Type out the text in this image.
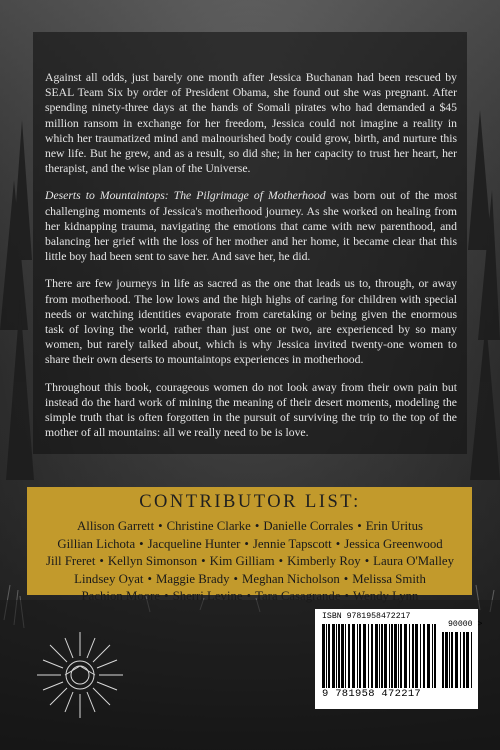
Against all odds, just barely one month after Jessica Buchanan had been rescued by SEAL Team Six by order of President Obama, she found out she was pregnant. After spending ninety-three days at the hands of Somali pirates who had demanded a $45 million ransom in exchange for her freedom, Jessica could not imagine a reality in which her traumatized mind and malnourished body could grow, birth, and nurture this new life. But he grew, and as a result, so did she; in her capacity to trust her heart, her therapist, and the wise plan of the Universe.

Deserts to Mountaintops: The Pilgrimage of Motherhood was born out of the most challenging moments of Jessica's motherhood journey. As she worked on healing from her kidnapping trauma, navigating the emotions that came with new parenthood, and balancing her grief with the loss of her mother and her home, it became clear that this little boy had been sent to save her. And save her, he did.

There are few journeys in life as sacred as the one that leads us to, through, or away from motherhood. The low lows and the high highs of caring for children with special needs or watching identities evaporate from caretaking or being given the enormous task of loving the world, rather than just one or two, are experienced by so many women, but rarely talked about, which is why Jessica invited twenty-one women to share their own deserts to mountaintops experiences in motherhood.

Throughout this book, courageous women do not look away from their own pain but instead do the hard work of mining the meaning of their desert moments, modeling the simple truth that is often forgotten in the pursuit of surviving the trip to the top of the mother of all mountains: all we really need to be is love.

CONTRIBUTOR LIST:
Allison Garrett • Christine Clarke • Danielle Corrales • Erin Uritus
Gillian Lichota • Jacqueline Hunter • Jennie Tapscott • Jessica Greenwood
Jill Freret • Kellyn Simonson • Kim Gilliam • Kimberly Roy • Laura O'Malley
Lindsey Oyat • Maggie Brady • Meghan Nicholson • Melissa Smith
Pachion Moore • Sherri Levine • Tara Casagrande • Wendy Lynn
ISBN 9781958472217
90000 >
9 781958 472217
